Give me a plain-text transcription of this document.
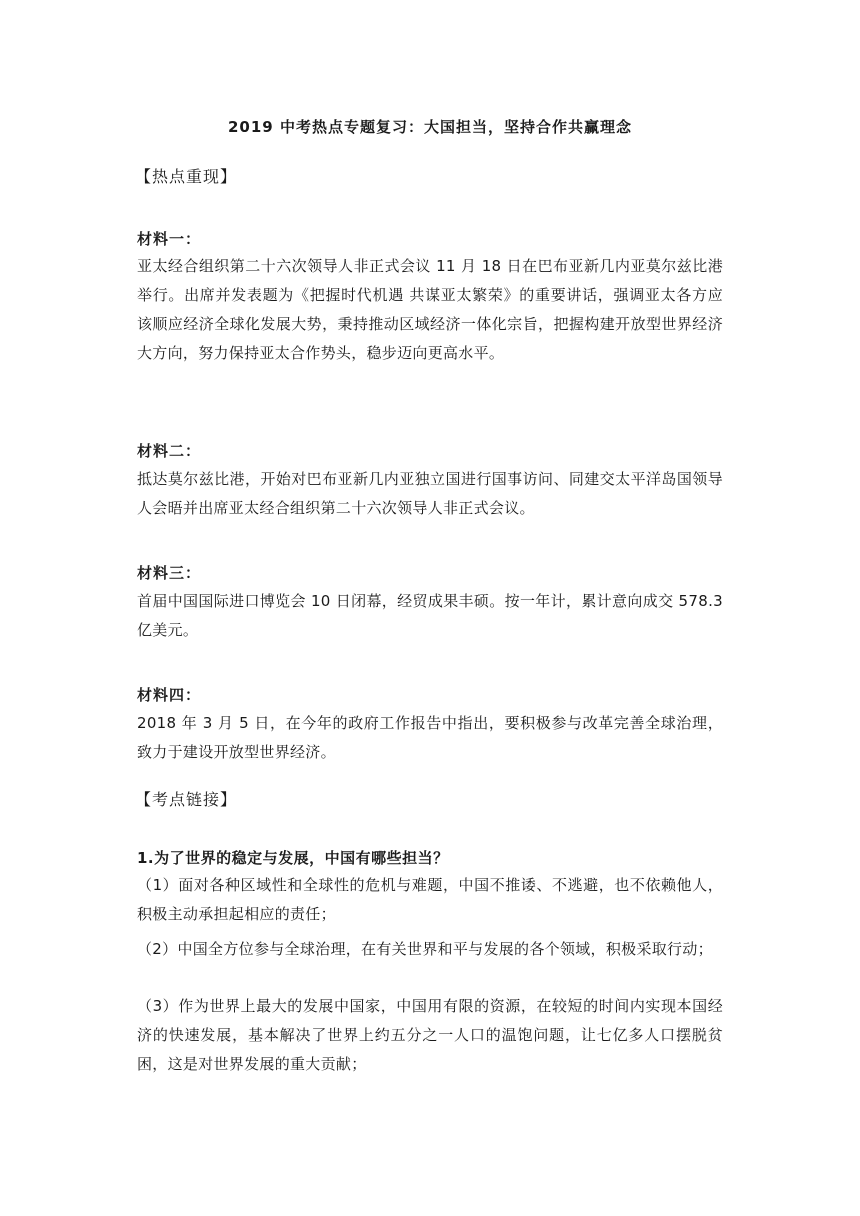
2019 中考热点专题复习：大国担当，坚持合作共赢理念
【热点重现】
材料一：
亚太经合组织第二十六次领导人非正式会议 11 月 18 日在巴布亚新几内亚莫尔兹比港举行。出席并发表题为《把握时代机遇 共谋亚太繁荣》的重要讲话，强调亚太各方应该顺应经济全球化发展大势，秉持推动区域经济一体化宗旨，把握构建开放型世界经济大方向，努力保持亚太合作势头，稳步迈向更高水平。
材料二：
抵达莫尔兹比港，开始对巴布亚新几内亚独立国进行国事访问、同建交太平洋岛国领导人会晤并出席亚太经合组织第二十六次领导人非正式会议。
材料三：
首届中国国际进口博览会 10 日闭幕，经贸成果丰硕。按一年计，累计意向成交 578.3 亿美元。
材料四：
2018 年 3 月 5 日，在今年的政府工作报告中指出，要积极参与改革完善全球治理，致力于建设开放型世界经济。
【考点链接】
1.为了世界的稳定与发展，中国有哪些担当？
（1）面对各种区域性和全球性的危机与难题，中国不推诿、不逃避，也不依赖他人，积极主动承担起相应的责任；
（2）中国全方位参与全球治理，在有关世界和平与发展的各个领域，积极采取行动；
（3）作为世界上最大的发展中国家，中国用有限的资源，在较短的时间内实现本国经济的快速发展，基本解决了世界上约五分之一人口的温饱问题，让七亿多人口摆脱贫困，这是对世界发展的重大贡献；
